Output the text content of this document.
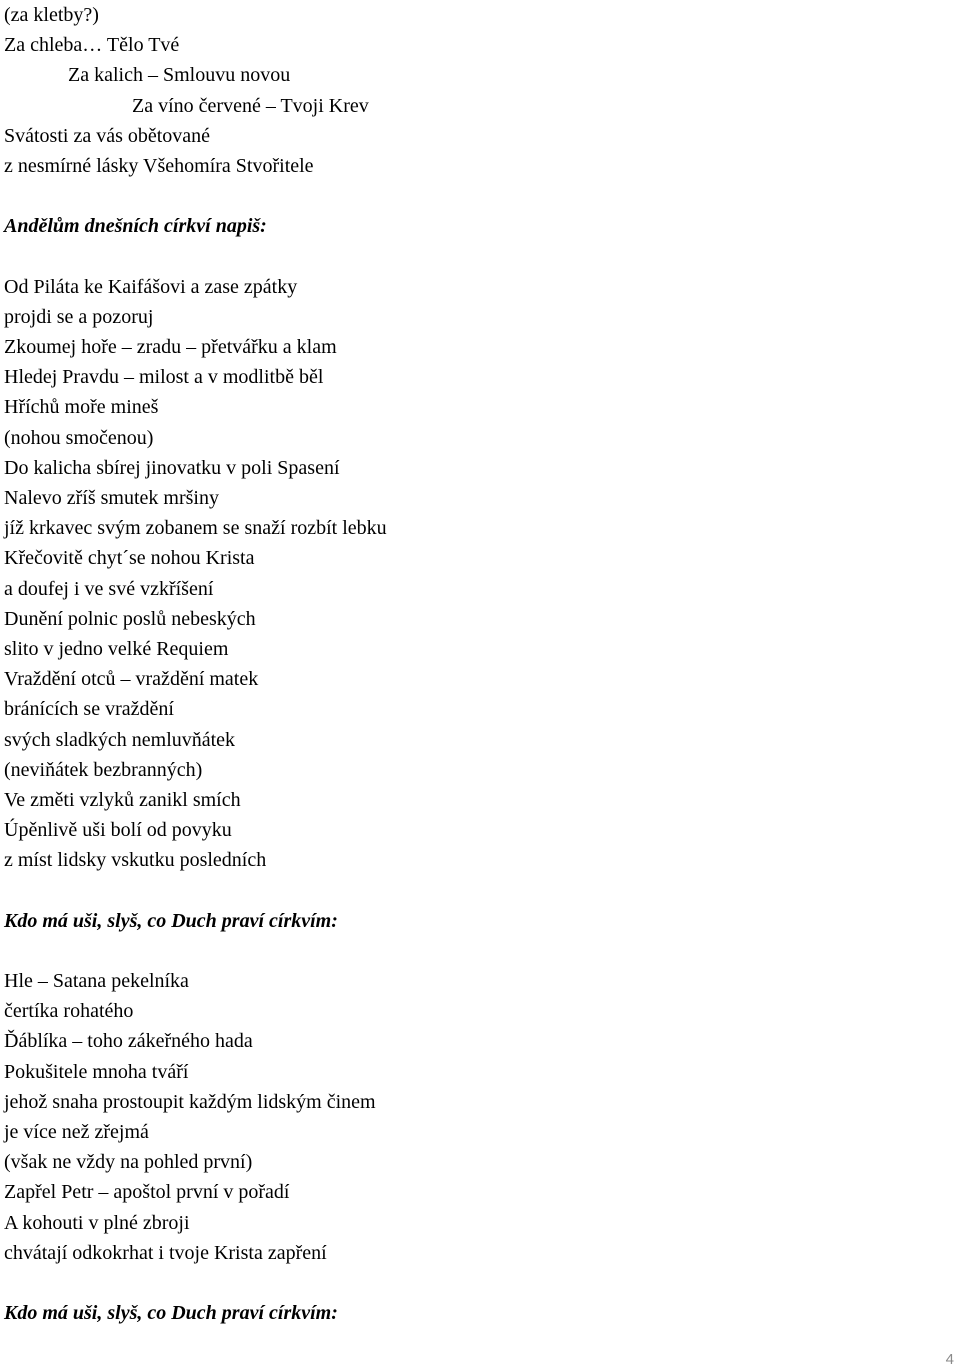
(za kletby?)
Za chleba… Tělo Tvé
Za kalich – Smlouvu novou
Za víno červené – Tvoji Krev
Svátosti za vás obětované
z nesmírné lásky Všehomíra Stvořitele
Andělům dnešních církví napiš:
Od Piláta ke Kaifášovi a zase zpátky
projdi se a pozoruj
Zkoumej hoře – zradu – přetvářku a klam
Hledej Pravdu – milost a v modlitbě běl
Hříchů moře mineš
(nohou smočenou)
Do kalicha sbírej jinovatku v poli Spasení
Nalevo zříš smutek mršiny
jíž krkavec svým zobanem se snaží rozbít lebku
Křečovitě chyt´se nohou Krista
a doufej i ve své vzkříšení
Dunění polnic poslů nebeských
slito v jedno velké Requiem
Vraždění otců – vraždění matek
bránících se vraždění
svých sladkých nemluvňátek
(neviňátek bezbranných)
Ve změti vzlyků zanikl smích
Úpěnlivě uši bolí od povyku
z míst lidsky vskutku posledních
Kdo má uši, slyš, co Duch praví církvím:
Hle – Satana pekelníka
čertíka rohatého
Ďáblíka – toho zákeřného hada
Pokušitele mnoha tváří
jehož snaha prostoupit každým lidským činem
je více než zřejmá
(však ne vždy na pohled první)
Zapřel Petr – apoštol první v pořadí
A kohouti v plné zbroji
chvátají odkokrhat i tvoje Krista zapření
Kdo má uši, slyš, co Duch praví církvím:
4
